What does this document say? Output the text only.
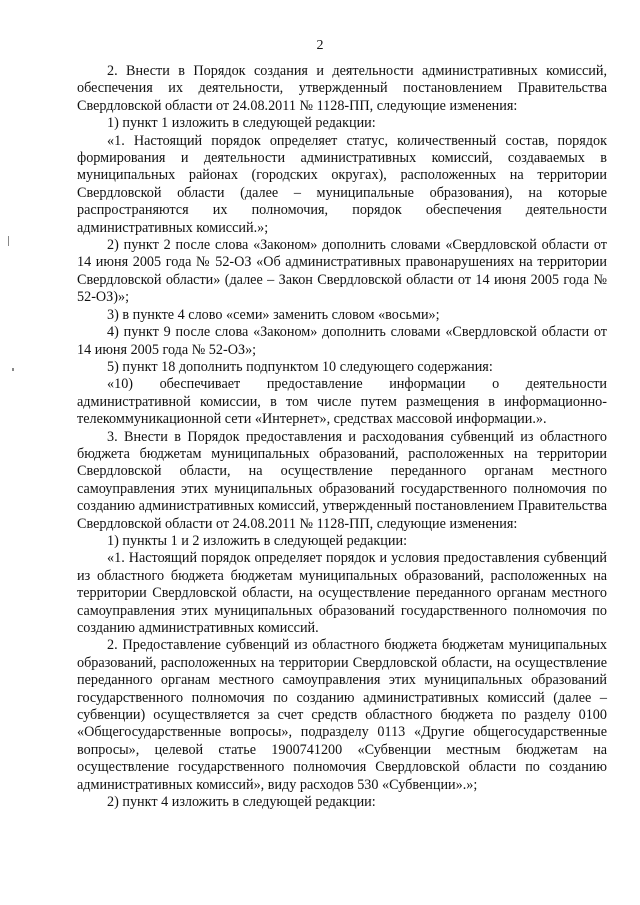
2

2. Внести в Порядок создания и деятельности административных комиссий, обеспечения их деятельности, утвержденный постановлением Правительства Свердловской области от 24.08.2011 № 1128-ПП, следующие изменения:

1) пункт 1 изложить в следующей редакции:

«1. Настоящий порядок определяет статус, количественный состав, порядок формирования и деятельности административных комиссий, создаваемых в муниципальных районах (городских округах), расположенных на территории Свердловской области (далее – муниципальные образования), на которые распространяются их полномочия, порядок обеспечения деятельности административных комиссий.»;

2) пункт 2 после слова «Законом» дополнить словами «Свердловской области от 14 июня 2005 года № 52-ОЗ «Об административных правонарушениях на территории Свердловской области» (далее – Закон Свердловской области от 14 июня 2005 года № 52-ОЗ)»;

3) в пункте 4 слово «семи» заменить словом «восьми»;

4) пункт 9 после слова «Законом» дополнить словами «Свердловской области от 14 июня 2005 года № 52-ОЗ»;

5) пункт 18 дополнить подпунктом 10 следующего содержания:

«10) обеспечивает предоставление информации о деятельности административной комиссии, в том числе путем размещения в информационно-телекоммуникационной сети «Интернет», средствах массовой информации.».

3. Внести в Порядок предоставления и расходования субвенций из областного бюджета бюджетам муниципальных образований, расположенных на территории Свердловской области, на осуществление переданного органам местного самоуправления этих муниципальных образований государственного полномочия по созданию административных комиссий, утвержденный постановлением Правительства Свердловской области от 24.08.2011 № 1128-ПП, следующие изменения:

1) пункты 1 и 2 изложить в следующей редакции:

«1. Настоящий порядок определяет порядок и условия предоставления субвенций из областного бюджета бюджетам муниципальных образований, расположенных на территории Свердловской области, на осуществление переданного органам местного самоуправления этих муниципальных образований государственного полномочия по созданию административных комиссий.

2. Предоставление субвенций из областного бюджета бюджетам муниципальных образований, расположенных на территории Свердловской области, на осуществление переданного органам местного самоуправления этих муниципальных образований государственного полномочия по созданию административных комиссий (далее – субвенции) осуществляется за счет средств областного бюджета по разделу 0100 «Общегосударственные вопросы», подразделу 0113 «Другие общегосударственные вопросы», целевой статье 1900741200 «Субвенции местным бюджетам на осуществление государственного полномочия Свердловской области по созданию административных комиссий», виду расходов 530 «Субвенции».»;

2) пункт 4 изложить в следующей редакции:
